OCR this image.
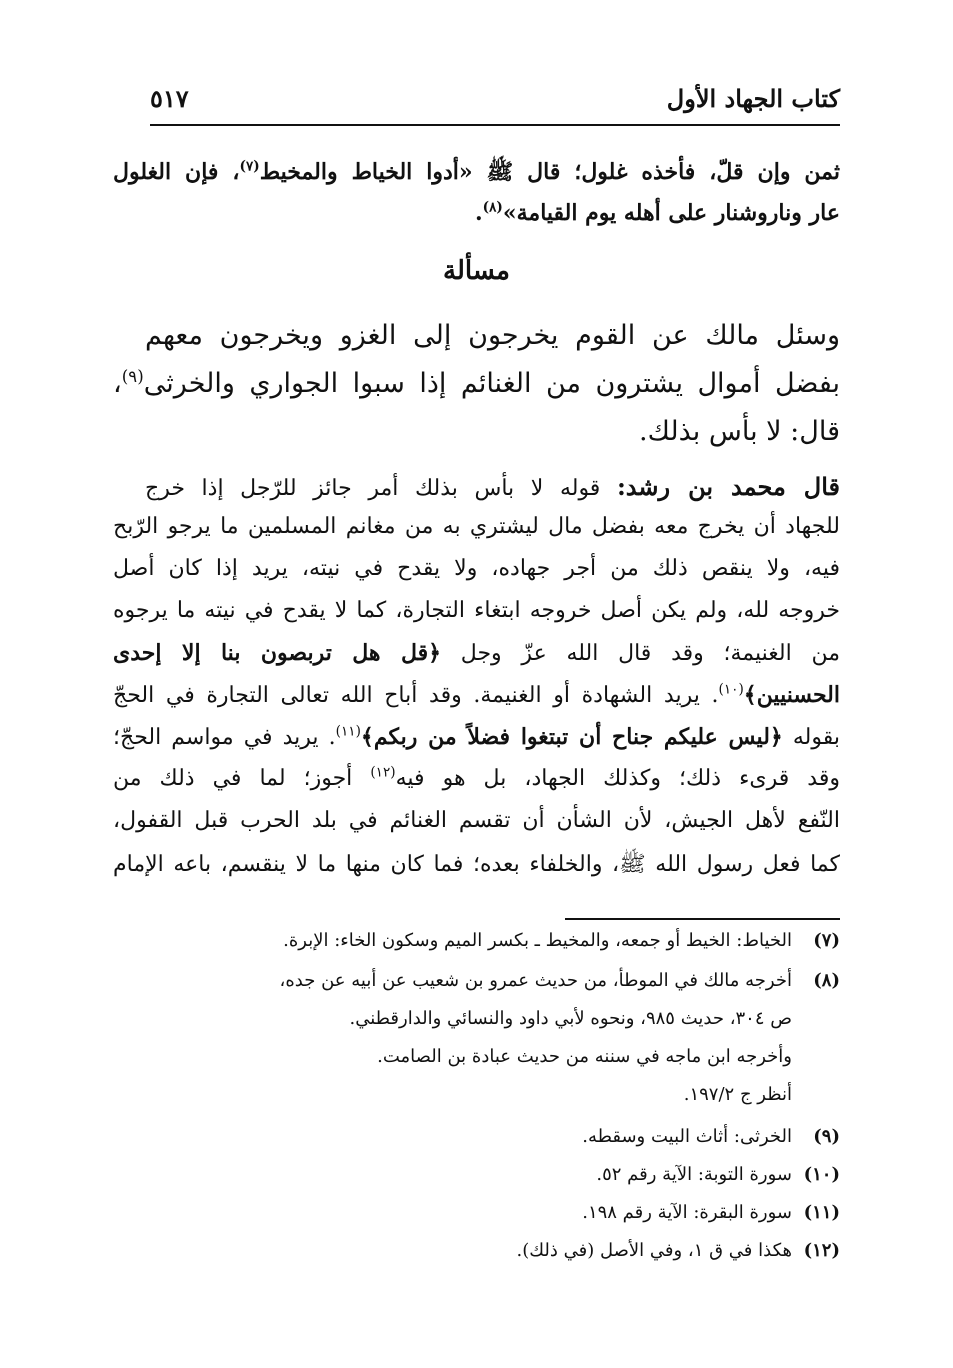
كتاب الجهاد الأول
٥١٧
ثمن وإن قلّ، فأخذه غلول؛ قال ﷺ «أدوا الخياط والمخيط$^{(٧)}$، فإن الغلول
عار وناروشنار على أهله يوم القيامة»$^{(٨)}$.
مسألة
وسئل مالك عن القوم يخرجون إلى الغزو ويخرجون معهم
بفضل أموال يشترون من الغنائم إذا سبوا الجواري والخرثى$^{(٩)}$،
قال: لا بأس بذلك.
قال محمد بن رشد: قوله لا بأس بذلك أمر جائز للرّجل إذا خرج
للجهاد أن يخرج معه بفضل مال ليشتري به من مغانم المسلمين ما يرجو الرّبح
فيه، ولا ينقص ذلك من أجر جهاده، ولا يقدح في نيته، يريد إذا كان أصل
خروجه لله، ولم يكن أصل خروجه ابتغاء التجارة، كما لا يقدح في نيته ما يرجوه
من الغنيمة؛ وقد قال الله عزّ وجل ﴿قل هل تربصون بنا إلا إحدى
الحسنيين﴾$^{(١٠)}$. يريد الشهادة أو الغنيمة. وقد أباح الله تعالى التجارة في الحجّ
بقوله ﴿ليس عليكم جناح أن تبتغوا فضلاً من ربكم﴾$^{(١١)}$. يريد في مواسم الحجّ؛
وقد قرىء ذلك؛ وكذلك الجهاد، بل هو فيه$^{(١٢)}$ أجوز؛ لما في ذلك من
النّفع لأهل الجيش، لأن الشأن أن تقسم الغنائم في بلد الحرب قبل القفول،
كما فعل رسول الله ﷺ، والخلفاء بعده؛ فما كان منها ما لا ينقسم، باعه الإمام
(٧)الخياط: الخيط أو جمعه، والمخيط ـ بكسر الميم وسكون الخاء: الإبرة.
(٨)أخرجه مالك في الموطأ، من حديث عمرو بن شعيب عن أبيه عن جده،
ص ٣٠٤، حديث ٩٨٥، ونحوه لأبي داود والنسائي والدارقطني.
وأخرجه ابن ماجه في سننه من حديث عبادة بن الصامت.
أنظر ج ١٩٧/٢.
(٩)الخرثى: أثاث البيت وسقطه.
(١٠)سورة التوبة: الآية رقم ٥٢.
(١١)سورة البقرة: الآية رقم ١٩٨.
(١٢)هكذا في ق ١، وفي الأصل (في ذلك).
